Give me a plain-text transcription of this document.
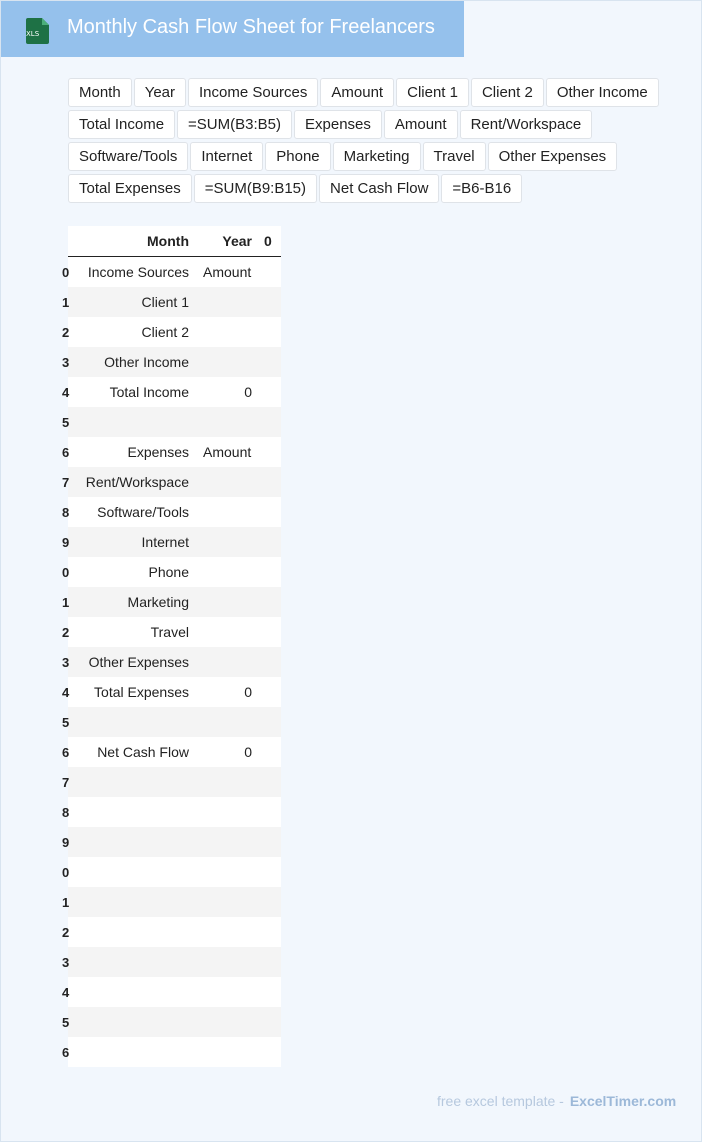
XLS Monthly Cash Flow Sheet for Freelancers
Month	Year	Income Sources	Amount	Client 1	Client 2	Other Income
Total Income	=SUM(B3:B5)	Expenses	Amount	Rent/Workspace
Software/Tools	Internet	Phone	Marketing	Travel	Other Expenses
Total Expenses	=SUM(B9:B15)	Net Cash Flow	=B6-B16
Month	Year 0
0	Income Sources Amount
1	Client 1
2	Client 2
3	Other Income
4	Total Income	0
5
6	Expenses Amount
7	Rent/Workspace
8	Software/Tools
9	Internet
0	Phone
1	Marketing
2	Travel
3	Other Expenses
4	Total Expenses	0
5
6	Net Cash Flow	0
7
8
9
0
1
2
3
4
5
6
free excel template - ExcelTimer.com
